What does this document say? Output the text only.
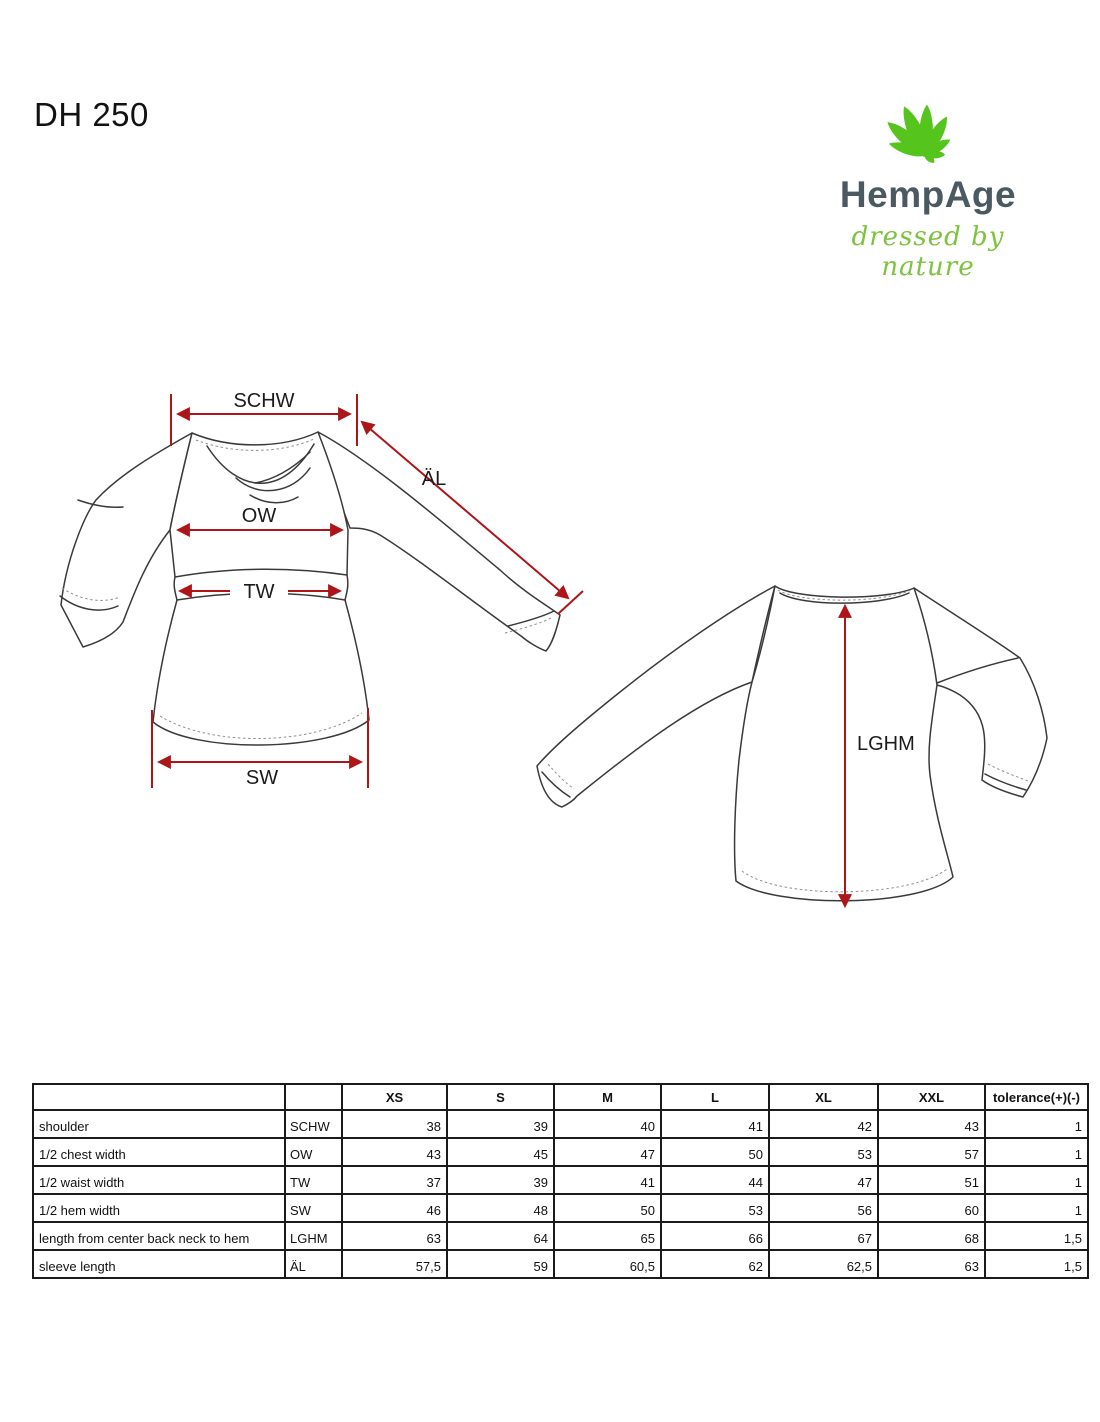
DH 250
HempAge
dressed by nature
SCHW
ÄL
OW
TW
SW
LGHM
		XS	S	M	L	XL	XXL	tolerance(+)(-)
shoulder	SCHW	38	39	40	41	42	43	1
1/2 chest width	OW	43	45	47	50	53	57	1
1/2 waist width	TW	37	39	41	44	47	51	1
1/2 hem width	SW	46	48	50	53	56	60	1
length from center back neck to hem	LGHM	63	64	65	66	67	68	1,5
sleeve length	ÄL	57,5	59	60,5	62	62,5	63	1,5
